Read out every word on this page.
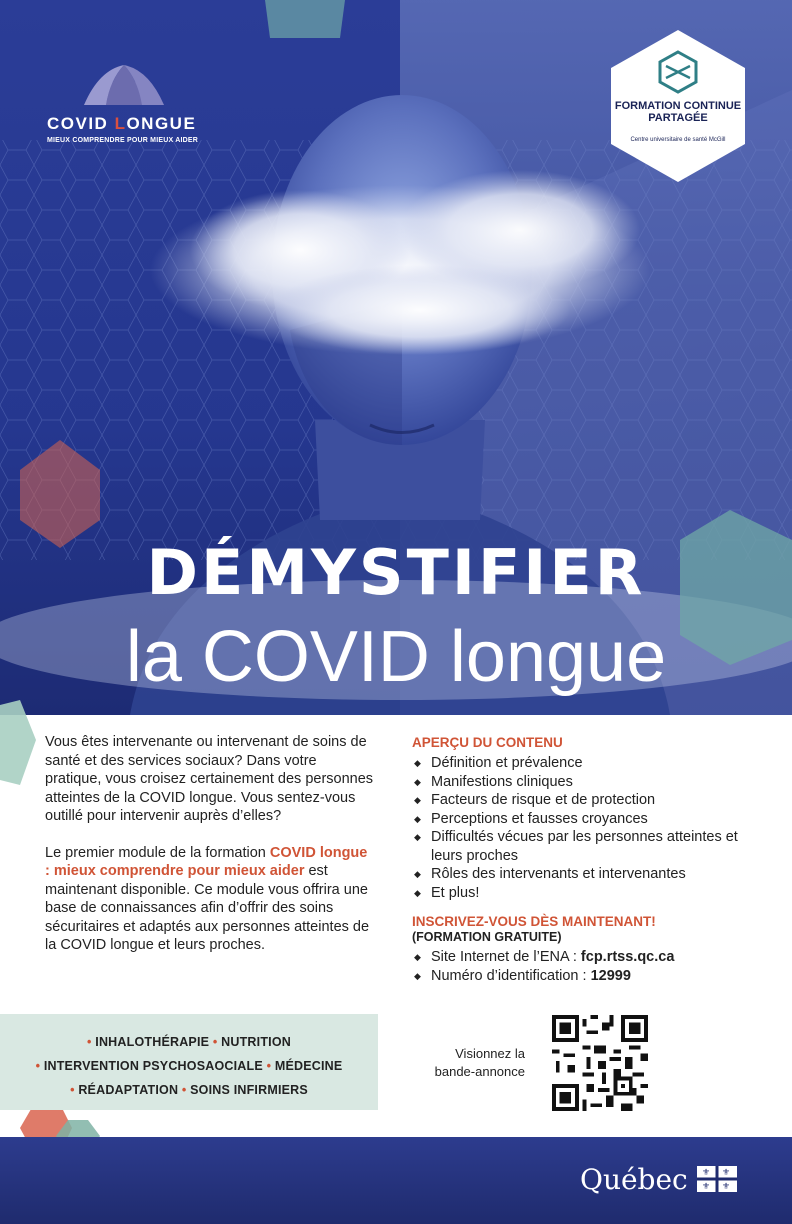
COVID LONGUE
MIEUX COMPRENDRE POUR MIEUX AIDER
FORMATION CONTINUE
PARTAGÉE
Centre universitaire de santé McGill
DÉMYSTIFIER
la COVID longue

Vous êtes intervenante ou intervenant de soins de santé et des services sociaux? Dans votre pratique, vous croisez certainement des personnes atteintes de la COVID longue. Vous sentez-vous outillé pour intervenir auprès d’elles?

Le premier module de la formation COVID longue : mieux comprendre pour mieux aider est maintenant disponible. Ce module vous offrira une base de connaissances afin d’offrir des soins sécuritaires et adaptés aux personnes atteintes de la COVID longue et leurs proches.

• INHALOTHÉRAPIE • NUTRITION
• INTERVENTION PSYCHOSAOCIALE • MÉDECINE
• RÉADAPTATION • SOINS INFIRMIERS
APERÇU DU CONTENU
◆ Définition et prévalence
◆ Manifestions cliniques
◆ Facteurs de risque et de protection
◆ Perceptions et fausses croyances
◆ Difficultés vécues par les personnes atteintes et leurs proches
◆ Rôles des intervenants et intervenantes
◆ Et plus!
INSCRIVEZ-VOUS DÈS MAINTENANT!
(FORMATION GRATUITE)
◆ Site Internet de l’ENA : fcp.rtss.qc.ca
◆ Numéro d’identification : 12999
Visionnez la
bande-annonce
Québec ⚜ ⚜
⚜ ⚜
